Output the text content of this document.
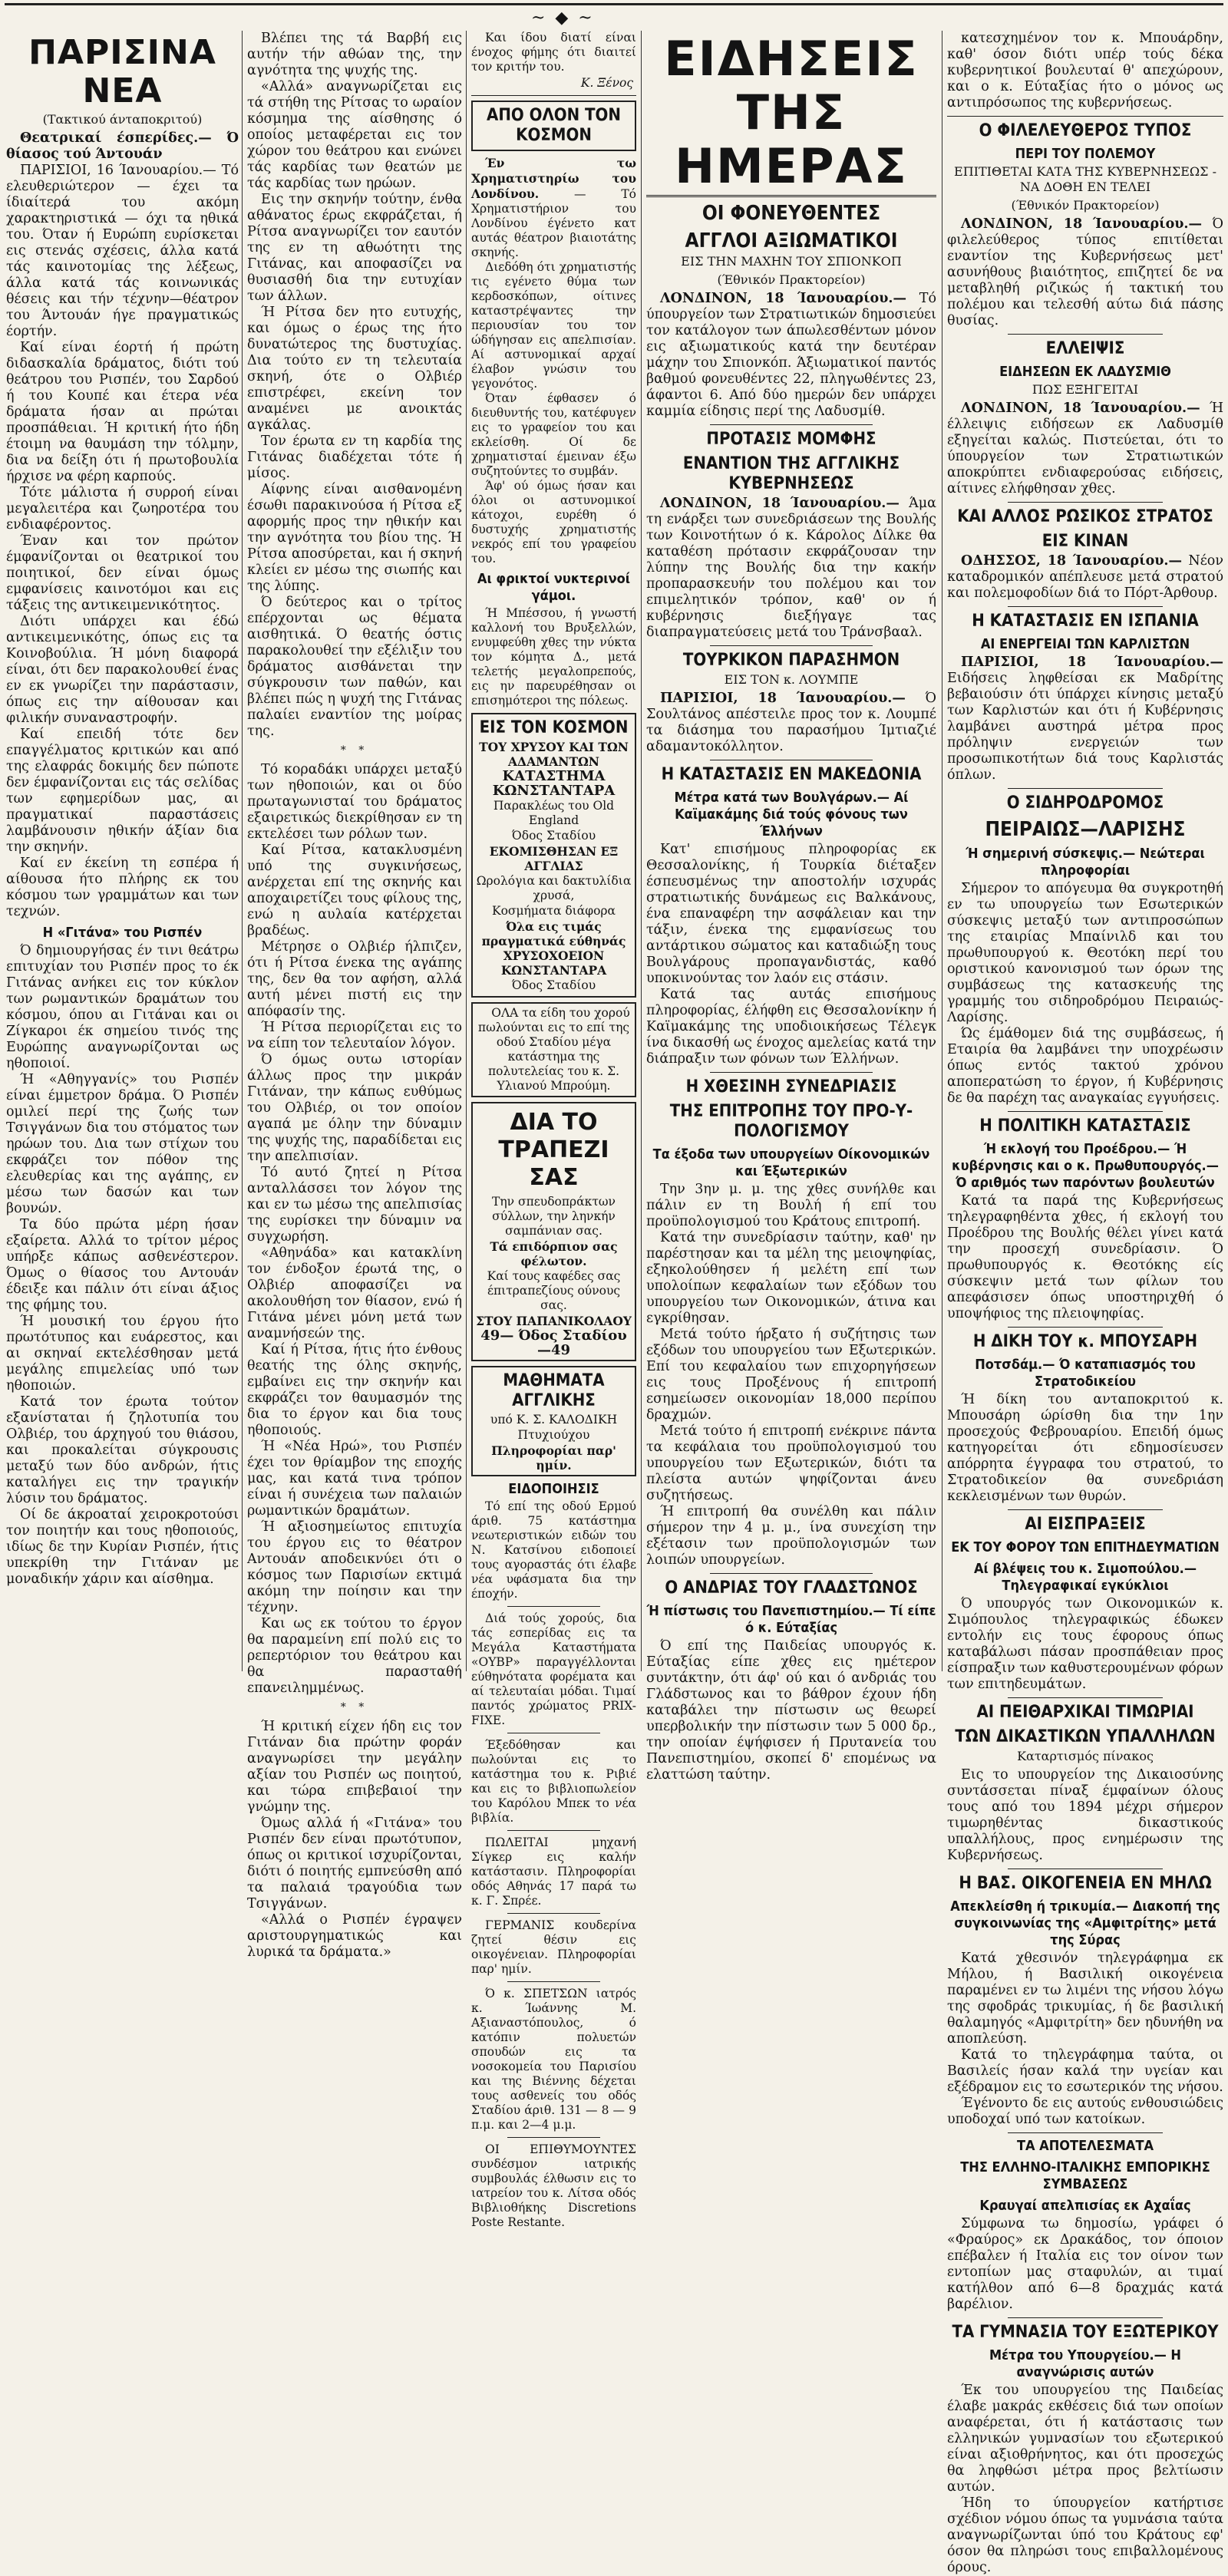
~ ◆ ~
ΠΑΡΙΣΙΝΑ ΝΕΑ
(Τακτικού άνταποκριτού)

Θεατρικαί έσπερίδες.— Ό θίασος τού Άντουάν

ΠΑΡΙΣΙΟΙ, 16 Ίανουαρίου.— Τό ελευθεριώτερον — έχει τα ίδιαίτερά του ακόμη χαρακτηριστικά — όχι τα ηθικά του. Όταν ή Ευρώπη ευρίσκεται εις στενάς σχέσεις, άλλα κατά τάς καινοτομίας της λέξεως, άλλα κατά τάς κοινωνικάς θέσεις και τήν τέχνην—θέατρον του Άντουάν ήγε πραγματικώς έορτήν.

Καί είναι έορτή ή πρώτη διδασκαλία δράματος, διότι τού θεάτρου του Ρισπέν, του Σαρδού ή του Κουπέ και έτερα νέα δράματα ήσαν αι πρώται προσπάθειαι. Ή κριτική ήτο ήδη έτοιμη να θαυμάση την τόλμην, δια να δείξη ότι ή πρωτοβουλία ήρχισε να φέρη καρπούς.

Τότε μάλιστα ή συρροή είναι μεγαλειτέρα και ζωηροτέρα του ενδιαφέροντος.

Έναν και τον πρώτον έμφανίζονται οι θεατρικοί του ποιητικοί, δεν είναι όμως εμφανίσεις καινοτόμοι και εις τάξεις της αντικειμενικότητος.

Διότι υπάρχει και έδώ αντικειμενικότης, όπως εις τα Κοινοβούλια. Ή μόνη διαφορά είναι, ότι δεν παρακολουθεί ένας εν εκ γνωρίζει την παράστασιν, όπως εις την αίθουσαν και φιλικήν συναναστροφήν.

Καί επειδή τότε δεν επαγγέλματος κριτικών και από της ελαφράς δοκιμής δεν πώποτε δεν έμφανίζονται εις τάς σελίδας των εφημερίδων μας, αι πραγματικαί παραστάσεις λαμβάνουσιν ηθικήν άξίαν δια την σκηνήν.

Καί εν έκείνη τη εσπέρα ή αίθουσα ήτο πλήρης εκ του κόσμου των γραμμάτων και των τεχνών.

Η «Γιτάνα» του Ρισπέν

Ό δημιουργήσας έν τινι θεάτρω επιτυχίαν του Ρισπέν προς το έκ Γιτάνας ανήκει εις τον κύκλον των ρωμαντικών δραμάτων του κόσμου, όπου αι Γιτάναι και οι Ζίγκαροι έκ σημείου τινός της Ευρώπης αναγνωρίζονται ως ηθοποιοί.

Ή «Αθηγγανίς» του Ρισπέν είναι έμμετρον δράμα. Ό Ρισπέν ομιλεί περί της ζωής των Τσιγγάνων δια του στόματος των ηρώων του. Δια των στίχων του εκφράζει τον πόθον της ελευθερίας και της αγάπης, εν μέσω των δασών και των βουνών.

Τα δύο πρώτα μέρη ήσαν εξαίρετα. Αλλά το τρίτον μέρος υπήρξε κάπως ασθενέστερον. Όμως ο θίασος του Αντουάν έδειξε και πάλιν ότι είναι άξιος της φήμης του.

Ή μουσική του έργου ήτο πρωτότυπος και ευάρεστος, και αι σκηναί εκτελέσθησαν μετά μεγάλης επιμελείας υπό των ηθοποιών.

Κατά τον έρωτα τούτον εξανίσταται ή ζηλοτυπία του Ολβιέρ, του άρχηγού του θιάσου, και προκαλείται σύγκρουσις μεταξύ των δύο ανδρών, ήτις καταλήγει εις την τραγικήν λύσιν του δράματος.

Οί δε άκροαταί χειροκροτούσι τον ποιητήν και τους ηθοποιούς, ιδίως δε την Κυρίαν Ρισπέν, ήτις υπεκρίθη την Γιτάναν με μοναδικήν χάριν και αίσθημα.

Βλέπει της τά Βαρβή εις αυτήν τήν αθώαν της, την αγνότητα της ψυχής της.

«Αλλά» αναγνωρίζεται εις τά στήθη της Ρίτσας το ωραίον κόσμημα της αίσθησης ό οποίος μεταφέρεται εις τον χώρον του θεάτρου και ενώνει τάς καρδίας των θεατών με τάς καρδίας των ηρώων.

Εις την σκηνήν τούτην, ένθα αθάνατος έρως εκφράζεται, ή Ρίτσα αναγνωρίζει τον εαυτόν της εν τη αθωότητι της Γιτάνας, και αποφασίζει να θυσιασθή δια την ευτυχίαν των άλλων.

Ή Ρίτσα δεν ητο ευτυχής, και όμως ο έρως της ήτο δυνατώτερος της δυστυχίας. Δια τούτο εν τη τελευταία σκηνή, ότε ο Ολβιέρ επιστρέφει, εκείνη τον αναμένει με ανοικτάς αγκάλας.

Τον έρωτα εν τη καρδία της Γιτάνας διαδέχεται τότε ή μίσος.

Αίφνης είναι αισθανομένη έσωθι παρακινούσα ή Ρίτσα εξ αφορμής προς την ηθικήν και την αγνότητα του βίου της. Ή Ρίτσα αποσύρεται, και ή σκηνή κλείει εν μέσω της σιωπής και της λύπης.

Ό δεύτερος και ο τρίτος επέρχονται ως θέματα αισθητικά. Ό θεατής όστις παρακολουθεί την εξέλιξιν του δράματος αισθάνεται την σύγκρουσιν των παθών, και βλέπει πώς η ψυχή της Γιτάνας παλαίει εναντίον της μοίρας της.

* *

Τό κοραδάκι υπάρχει μεταξύ των ηθοποιών, και οι δύο πρωταγωνισταί του δράματος εξαιρετικώς διεκρίθησαν εν τη εκτελέσει των ρόλων των.

Καί Ρίτσα, κατακλυσμένη υπό της συγκινήσεως, ανέρχεται επί της σκηνής και αποχαιρετίζει τους φίλους της, ενώ η αυλαία κατέρχεται βραδέως.

Μέτρησε ο Ολβιέρ ήλπιζεν, ότι ή Ρίτσα ένεκα της αγάπης της, δεν θα τον αφήση, αλλά αυτή μένει πιστή εις την απόφασίν της.

Ή Ρίτσα περιορίζεται εις το να είπη τον τελευταίον λόγον.

Ό όμως ουτω ιστορίαν άλλως προς την μικράν Γιτάναν, την κάπως ευθύμως του Ολβιέρ, οι τον οποίον αγαπά με όλην την δύναμιν της ψυχής της, παραδίδεται εις την απελπισίαν.

Τό αυτό ζητεί η Ρίτσα ανταλλάσσει τον λόγον της και εν τω μέσω της απελπισίας της ευρίσκει την δύναμιν να συγχωρήση.

«Αθηνάδα» και κατακλίνη τον ένδοξον έρωτά της, ο Ολβιέρ αποφασίζει να ακολουθήση τον θίασον, ενώ ή Γιτάνα μένει μόνη μετά των αναμνήσεών της.

Καί ή Ρίτσα, ήτις ήτο ένθους θεατής της όλης σκηνής, εμβαίνει εις την σκηνήν και εκφράζει τον θαυμασμόν της δια το έργον και δια τους ηθοποιούς.

Ή «Νέα Ηρώ», του Ρισπέν έχει τον θρίαμβον της εποχής μας, και κατά τινα τρόπον είναι ή συνέχεια των παλαιών ρωμαντικών δραμάτων.

Ή αξιοσημείωτος επιτυχία του έργου εις το θέατρον Αντουάν αποδεικνύει ότι ο κόσμος των Παρισίων εκτιμά ακόμη την ποίησιν και την τέχνην.

Και ως εκ τούτου το έργον θα παραμείνη επί πολύ εις το ρεπερτόριον του θεάτρου και θα παρασταθή επανειλημμένως.

* *

Ή κριτική είχεν ήδη εις τον Γιτάναν δια πρώτην φοράν αναγνωρίσει την μεγάλην αξίαν του Ρισπέν ως ποιητού, και τώρα επιβεβαιοί την γνώμην της.

Όμως αλλά ή «Γιτάνα» του Ρισπέν δεν είναι πρωτότυπον, όπως οι κριτικοί ισχυρίζονται, διότι ό ποιητής εμπνεύσθη από τα παλαιά τραγούδια των Τσιγγάνων.

«Αλλά ο Ρισπέν έγραψεν αριστουργηματικώς και λυρικά τα δράματα.»

Και ίδου διατί είναι ένοχος φήμης ότι διαιτεί τον κριτήν του.

Κ. Ξένος
ΑΠΟ ΟΛΟΝ ΤΟΝ ΚΟΣΜΟΝ

Έν τω Χρηματιστηρίω του Λονδίνου.	— Τό Χρηματιστήριον του Λονδίνου έγένετο κατ αυτάς θέατρον βιαιοτάτης σκηνής.

Διεδόθη ότι χρηματιστής τις εγένετο θύμα των κερδοσκόπων, οίτινες καταστρέψαντες την περιουσίαν του τον ώδήγησαν εις απελπισίαν. Αί αστυνομικαί αρχαί έλαβον γνώσιν του γεγονότος.

Όταν έφθασεν ό διευθυντής του, κατέφυγεν εις το γραφείον του και εκλείσθη. Οί δε χρηματισταί έμειναν έξω συζητούντες το συμβάν.

Άφ' ού όμως ήσαν και όλοι οι αστυνομικοί κάτοχοι, ευρέθη ό δυστυχής χρηματιστής νεκρός επί του γραφείου του.

Αι φρικτοί νυκτερινοί γάμοι.

Ή Μπέσσου, ή γνωστή καλλονή του Βρυξελλών, ενυμφεύθη χθες την νύκτα τον κόμητα Δ., μετά τελετής μεγαλοπρεπούς, εις ην παρευρέθησαν οι επισημότεροι της πόλεως.

ΕΙΣ ΤΟΝ ΚΟΣΜΟΝ
ΤΟΥ ΧΡΥΣΟΥ ΚΑΙ ΤΩΝ ΑΔΑΜΑΝΤΩΝ
ΚΑΤΑΣΤΗΜΑ ΚΩΝΣΤΑΝΤΑΡΑ
Παρακλέως του Old England
Όδος Σταδίου
ΕΚΟΜΙΣΘΗΣΑΝ ΕΞ ΑΓΓΛΙΑΣ
Ωρολόγια και δακτυλίδια χρυσά,
Κοσμήματα διάφορα
Όλα εις τιμάς πραγματικά εύθηνάς
ΧΡΥΣΟΧΟΕΙΟΝ ΚΩΝΣΤΑΝΤΑΡΑ
Όδος Σταδίου

ΟΛΑ τα είδη του χορού πωλούνται εις το επί της οδού Σταδίου μέγα κατάστημα της πολυτελείας του κ. Σ. Υλιανού Μπρούμη.

ΔΙΑ ΤΟ ΤΡΑΠΕΖΙ ΣΑΣ
Την σπευδοπράκτων σύλλων, την ληνκήν σαμπάνιαν σας.
Τά επιδόρπιον σας φέλωτον.
Καί τους καφέδες σας έπιτραπεζίους ούνους σας.
ΣΤΟΥ ΠΑΠΑΝΙΚΟΛΑΟΥ
49— Όδος Σταδίου —49
ΜΑΘΗΜΑΤΑ ΑΓΓΛΙΚΗΣ
υπό Κ. Σ. ΚΑΛΟΔΙΚΗ
Πτυχιούχου
Πληροφορίαι παρ' ημίν.
ΕΙΔΟΠΟΙΗΣΙΣ

Τό επί της οδού Ερμού άριθ. 75 κατάστημα νεωτεριστικών ειδών του Ν. Κατσίνου ειδοποιεί τους αγοραστάς ότι έλαβε νέα υφάσματα δια την έποχήν.

Διά τούς χορούς, δια τάς εσπερίδας εις τα Μεγάλα Καταστήματα «ΟΥΒΡ» παραγγέλλονται εύθηνότατα φορέματα και αί τελευταίαι μόδαι. Τιμαί παντός χρώματος PRIX-FIXE.

Έξεδόθησαν και πωλούνται εις το κατάστημα του κ. Ριβιέ και εις το βιβλιοπωλείον του Καρόλου Μπεκ το νέα βιβλία.

ΠΩΛΕΙΤΑΙ μηχανή Σίγκερ εις καλήν κατάστασιν. Πληροφορίαι οδός Αθηνάς 17 παρά τω κ. Γ. Σπρέε.

ΓΕΡΜΑΝΙΣ κουδερίνα ζητεί θέσιν εις οικογένειαν. Πληροφορίαι παρ' ημίν.

Ό κ. ΣΠΕΤΣΩΝ ιατρός κ. Ίωάννης Μ. Αξιαναστόπουλος, ό κατόπιν πολυετών σπουδών εις τα νοσοκομεία του Παρισίου και της Βιέννης δέχεται τους ασθενείς του οδός Σταδίου άριθ. 131 — 8 — 9 π.μ. και 2—4 μ.μ.

ΟΙ ΕΠΙΘΥΜΟΥΝΤΕΣ συνδέσμον ιατρικής συμβουλάς έλθωσιν εις το ιατρείον του κ. Λίτσα οδός Βιβλιοθήκης Discretions Poste Restante.

ΕΙΔΗΣΕΙΣ ΤΗΣ ΗΜΕΡΑΣ
ΟΙ ΦΟΝΕΥΘΕΝΤΕΣ
ΑΓΓΛΟΙ ΑΞΙΩΜΑΤΙΚΟΙ
ΕΙΣ ΤΗΝ ΜΑΧΗΝ ΤΟΥ ΣΠΙΟΝΚΟΠ
(Έθνικόν Πρακτορείον)

ΛΟΝΔΙΝΟΝ, 18 Ίανουαρίου.— Τό ύπουργείον των Στρατιωτικών δημοσιεύει τον κατάλογον των άπωλεσθέντων μόνον εις αξιωματικούς κατά την δευτέραν μάχην του Σπιονκόπ. Άξιωματικοί παντός βαθμού φονευθέντες 22, πληγωθέντες 23, άφαντοι 6. Από δύο ημερών δεν υπάρχει καμμία είδησις περί της Λαδυσμίθ.

ΠΡΟΤΑΣΙΣ ΜΟΜΦΗΣ
ΕΝΑΝΤΙΟΝ ΤΗΣ ΑΓΓΛΙΚΗΣ ΚΥΒΕΡΝΗΣΕΩΣ

ΛΟΝΔΙΝΟΝ, 18 Ίανουαρίου.— Άμα τη ενάρξει των συνεδριάσεων της Βουλής των Κοινοτήτων ό κ. Κάρολος Δίλκε θα καταθέση πρότασιν εκφράζουσαν την λύπην της Βουλής δια την κακήν προπαρασκευήν του πολέμου και τον επιμελητικόν τρόπον, καθ' ον ή κυβέρνησις διεξήγαγε τας διαπραγματεύσεις μετά του Τράνσβααλ.

ΤΟΥΡΚΙΚΟΝ ΠΑΡΑΣΗΜΟΝ
ΕΙΣ ΤΟΝ κ. ΛΟΥΜΠΕ

ΠΑΡΙΣΙΟΙ, 18 Ίανουαρίου.— Ό Σουλτάνος απέστειλε προς τον κ. Λουμπέ τα διάσημα του παρασήμου Ίμτιαζιέ αδαμαντοκόλλητον.

Η ΚΑΤΑΣΤΑΣΙΣ ΕΝ ΜΑΚΕΔΟΝΙΑ
Μέτρα κατά των Βουλγάρων.— Αί Καϊμακάμης διά τούς φόνους των Έλλήνων

Κατ' επισήμους πληροφορίας εκ Θεσσαλονίκης, ή Τουρκία διέταξεν έσπευσμένως την αποστολήν ισχυράς στρατιωτικής δυνάμεως εις Βαλκάνους, ένα επαναφέρη την ασφάλειαν και την τάξιν, ένεκα της εμφανίσεως του αντάρτικου σώματος και καταδιώξη τους Βουλγάρους προπαγανδιστάς, καθό υποκινούντας τον λαόν εις στάσιν.

Κατά τας αυτάς επισήμους πληροφορίας, έλήφθη εις Θεσσαλονίκην ή Καϊμακάμης της υποδιοικήσεως Τέλεγκ ίνα δικασθή ως ένοχος αμελείας κατά την διάπραξιν των φόνων των Έλλήνων.

Η ΧΘΕΣΙΝΗ ΣΥΝΕΔΡΙΑΣΙΣ
ΤΗΣ ΕΠΙΤΡΟΠΗΣ ΤΟΥ ΠΡΟ-Υ-ΠΟΛΟΓΙΣΜΟΥ
Τα έξοδα των υπουργείων Οίκονομικών και Έξωτερικών

Την 3ην μ. μ. της χθες συνήλθε και πάλιν εν τη Βουλή ή επί του προϋπολογισμού του Κράτους επιτροπή.

Κατά την συνεδρίασιν ταύτην, καθ' ην παρέστησαν και τα μέλη της μειοψηφίας, εξηκολούθησεν ή μελέτη επί των υπολοίπων κεφαλαίων των εξόδων του υπουργείου των Οικονομικών, άτινα και εγκρίθησαν.

Μετά τούτο ήρξατο ή συζήτησις των εξόδων του υπουργείου των Εξωτερικών. Επί του κεφαλαίου των επιχορηγήσεων εις τους Προξένους ή επιτροπή εσημείωσεν οικονομίαν 18,000 περίπου δραχμών.

Μετά τούτο ή επιτροπή ενέκρινε πάντα τα κεφάλαια του προϋπολογισμού του υπουργείου των Εξωτερικών, διότι τα πλείστα αυτών ψηφίζονται άνευ συζητήσεως.

Ή επιτροπή θα συνέλθη και πάλιν σήμερον την 4 μ. μ., ίνα συνεχίση την εξέτασιν των προϋπολογισμών των λοιπών υπουργείων.

Ο ΑΝΔΡΙΑΣ ΤΟΥ ΓΛΑΔΣΤΩΝΟΣ
Ή πίστωσις του Πανεπιστημίου.— Τί είπε ό κ. Εύταξίας

Ό επί της Παιδείας υπουργός κ. Εύταξίας είπε χθες εις ημέτερον συντάκτην, ότι άφ' ού και ό ανδριάς του Γλάδστωνος και το βάθρον έχουν ήδη καταβάλει την πίστωσιν ως θεωρεί υπερβολικήν την πίστωσιν των 5 000 δρ., την οποίαν έψήφισεν ή Πρυτανεία του Πανεπιστημίου, σκοπεί δ' επομένως να ελαττώση ταύτην.

κατεσχημένον τον κ. Μπουάρδην, καθ' όσον διότι υπέρ τούς δέκα κυβερνητικοί βουλευταί θ' απεχώρουν, και ο κ. Εύταξίας ήτο ο μόνος ως αντιπρόσωπος της κυβερνήσεως.

Ο ΦΙΛΕΛΕΥΘΕΡΟΣ ΤΥΠΟΣ
ΠΕΡΙ ΤΟΥ ΠΟΛΕΜΟΥ
ΕΠΙΤΙΘΕΤΑΙ ΚΑΤΑ ΤΗΣ ΚΥΒΕΡΝΗΣΕΩΣ - ΝΑ ΔΟΘΗ ΕΝ ΤΕΛΕΙ
(Έθνικόν Πρακτορείον)

ΛΟΝΔΙΝΟΝ, 18 Ίανουαρίου.— Ό φιλελεύθερος τύπος επιτίθεται εναντίον της Κυβερνήσεως μετ' ασυνήθους βιαιότητος, επιζητεί δε να μεταβληθή ριζικώς ή τακτική του πολέμου και τελεσθή αύτω διά πάσης θυσίας.

ΕΛΛΕΙΨΙΣ
ΕΙΔΗΣΕΩΝ ΕΚ ΛΑΔΥΣΜΙΘ
ΠΩΣ ΕΞΗΓΕΙΤΑΙ

ΛΟΝΔΙΝΟΝ, 18 Ίανουαρίου.— Ή έλλειψις ειδήσεων εκ Λαδυσμίθ εξηγείται καλώς. Πιστεύεται, ότι το ύπουργείον των Στρατιωτικών αποκρύπτει ενδιαφερούσας ειδήσεις, αίτινες ελήφθησαν χθες.

ΚΑΙ ΑΛΛΟΣ ΡΩΣΙΚΟΣ ΣΤΡΑΤΟΣ
ΕΙΣ ΚΙΝΑΝ

ΟΔΗΣΣΟΣ, 18 Ίανουαρίου.— Νέον καταδρομικόν απέπλευσε μετά στρατού και πολεμοφοδίων διά το Πόρτ-Άρθουρ.

Η ΚΑΤΑΣΤΑΣΙΣ ΕΝ ΙΣΠΑΝΙΑ
ΑΙ ΕΝΕΡΓΕΙΑΙ ΤΩΝ ΚΑΡΛΙΣΤΩΝ

ΠΑΡΙΣΙΟΙ, 18 Ίανουαρίου.— Ειδήσεις ληφθείσαι εκ Μαδρίτης βεβαιούσιν ότι ύπάρχει κίνησις μεταξύ των Καρλιστών και ότι ή Κυβέρνησις λαμβάνει αυστηρά μέτρα προς πρόληψιν ενεργειών των προσωπικοτήτων διά τους Καρλιστάς όπλων.

Ο ΣΙΔΗΡΟΔΡΟΜΟΣ
ΠΕΙΡΑΙΩΣ—ΛΑΡΙΣΗΣ
Ή σημερινή σύσκεψις.— Νεώτεραι πληροφορίαι

Σήμερον το απόγευμα θα συγκροτηθή εν τω υπουργείω των Εσωτερικών σύσκεψις μεταξύ των αντιπροσώπων της εταιρίας Μπαίνιλδ και του πρωθυπουργού κ. Θεοτόκη περί του οριστικού κανονισμού των όρων της συμβάσεως της κατασκευής της γραμμής του σιδηροδρόμου Πειραιώς-Λαρίσης.

Ώς έμάθομεν διά της συμβάσεως, ή Εταιρία θα λαμβάνει την υποχρέωσιν όπως εντός τακτού χρόνου αποπερατώση το έργον, ή Κυβέρνησις δε θα παρέχη τας αναγκαίας εγγυήσεις.

Η ΠΟΛΙΤΙΚΗ ΚΑΤΑΣΤΑΣΙΣ
Ή εκλογή του Προέδρου.— Ή κυβέρνησις και ο κ. Πρωθυπουργός.— Ό αριθμός των παρόντων βουλευτών

Κατά τα παρά της Κυβερνήσεως τηλεγραφηθέντα χθες, ή εκλογή του Προέδρου της Βουλής θέλει γίνει κατά την προσεχή συνεδρίασιν. Ό πρωθυπουργός κ. Θεοτόκης είς σύσκεψιν μετά των φίλων του απεφάσισεν όπως υποστηριχθή ό υποψήφιος της πλειοψηφίας.

Η ΔΙΚΗ ΤΟΥ κ. ΜΠΟΥΣΑΡΗ
Ποτσδάμ.— Ό καταπιασμός του Στρατοδικείου

Ή δίκη του ανταποκριτού κ. Μπουσάρη ώρίσθη δια την 1ην προσεχούς Φεβρουαρίου. Επειδή όμως κατηγορείται ότι εδημοσίευσεν απόρρητα έγγραφα του στρατού, το Στρατοδικείον θα συνεδριάση κεκλεισμένων των θυρών.

ΑΙ ΕΙΣΠΡΑΞΕΙΣ
ΕΚ ΤΟΥ ΦΟΡΟΥ ΤΩΝ ΕΠΙΤΗΔΕΥΜΑΤΙΩΝ
Αί βλέψεις του κ. Σιμοπούλου.— Τηλεγραφικαί εγκύκλιοι

Ό υπουργός των Οικονομικών κ. Σιμόπουλος τηλεγραφικώς έδωκεν εντολήν εις τους έφορους όπως καταβάλωσι πάσαν προσπάθειαν προς είσπραξιν των καθυστερουμένων φόρων των επιτηδευμάτων.

ΑΙ ΠΕΙΘΑΡΧΙΚΑΙ ΤΙΜΩΡΙΑΙ
ΤΩΝ ΔΙΚΑΣΤΙΚΩΝ ΥΠΑΛΛΗΛΩΝ
Καταρτισμός πίνακος

Εις το υπουργείον της Δικαιοσύνης συντάσσεται πίναξ έμφαίνων όλους τους από του 1894 μέχρι σήμερον τιμωρηθέντας δικαστικούς υπαλλήλους, προς ενημέρωσιν της Κυβερνήσεως.

Η ΒΑΣ. ΟΙΚΟΓΕΝΕΙΑ ΕΝ ΜΗΛΩ
Απεκλείσθη ή τρικυμία.— Διακοπή της συγκοινωνίας της «Αμφιτρίτης» μετά της Σύρας

Κατά χθεσινόν τηλεγράφημα εκ Μήλου, ή Βασιλική οικογένεια παραμένει εν τω λιμένι της νήσου λόγω της σφοδράς τρικυμίας, ή δε βασιλική θαλαμηγός «Αμφιτρίτη» δεν ηδυνήθη να αποπλεύση.

Κατά το τηλεγράφημα ταύτα, οι Βασιλείς ήσαν καλά την υγείαν και εξέδραμον εις το εσωτερικόν της νήσου.

Έγένοντο δε εις αυτούς ενθουσιώδεις υποδοχαί υπό των κατοίκων.

ΤΑ ΑΠΟΤΕΛΕΣΜΑΤΑ
ΤΗΣ ΕΛΛΗΝΟ-ΙΤΑΛΙΚΗΣ ΕΜΠΟΡΙΚΗΣ ΣΥΜΒΑΣΕΩΣ
Κραυγαί απελπισίας εκ Αχαΐας

Σύμφωνα τω δημοσίω, γράφει ό «Φραύρος» εκ Δρακάδος, τον όποιον επέβαλεν ή Ιταλία εις τον οίνον των εντοπίων μας σταφυλών, αι τιμαί κατήλθον από 6—8 δραχμάς κατά βαρέλιον.

ΤΑ ΓΥΜΝΑΣΙΑ ΤΟΥ ΕΞΩΤΕΡΙΚΟΥ
Μέτρα του Υπουργείου.— Η αναγνώρισις αυτών

Έκ του υπουργείου της Παιδείας έλαβε μακράς εκθέσεις διά των οποίων αναφέρεται, ότι ή κατάστασις των ελληνικών γυμνασίων του εξωτερικού είναι αξιοθρήνητος, και ότι προσεχώς θα ληφθώσι μέτρα προς βελτίωσιν αυτών.

Ήδη το ύπουργείον κατήρτισε σχέδιον νόμου όπως τα γυμνάσια ταύτα αναγνωρίζωνται ύπό του Κράτους εφ' όσον θα πληρώσι τους επιβαλλομένους όρους.
